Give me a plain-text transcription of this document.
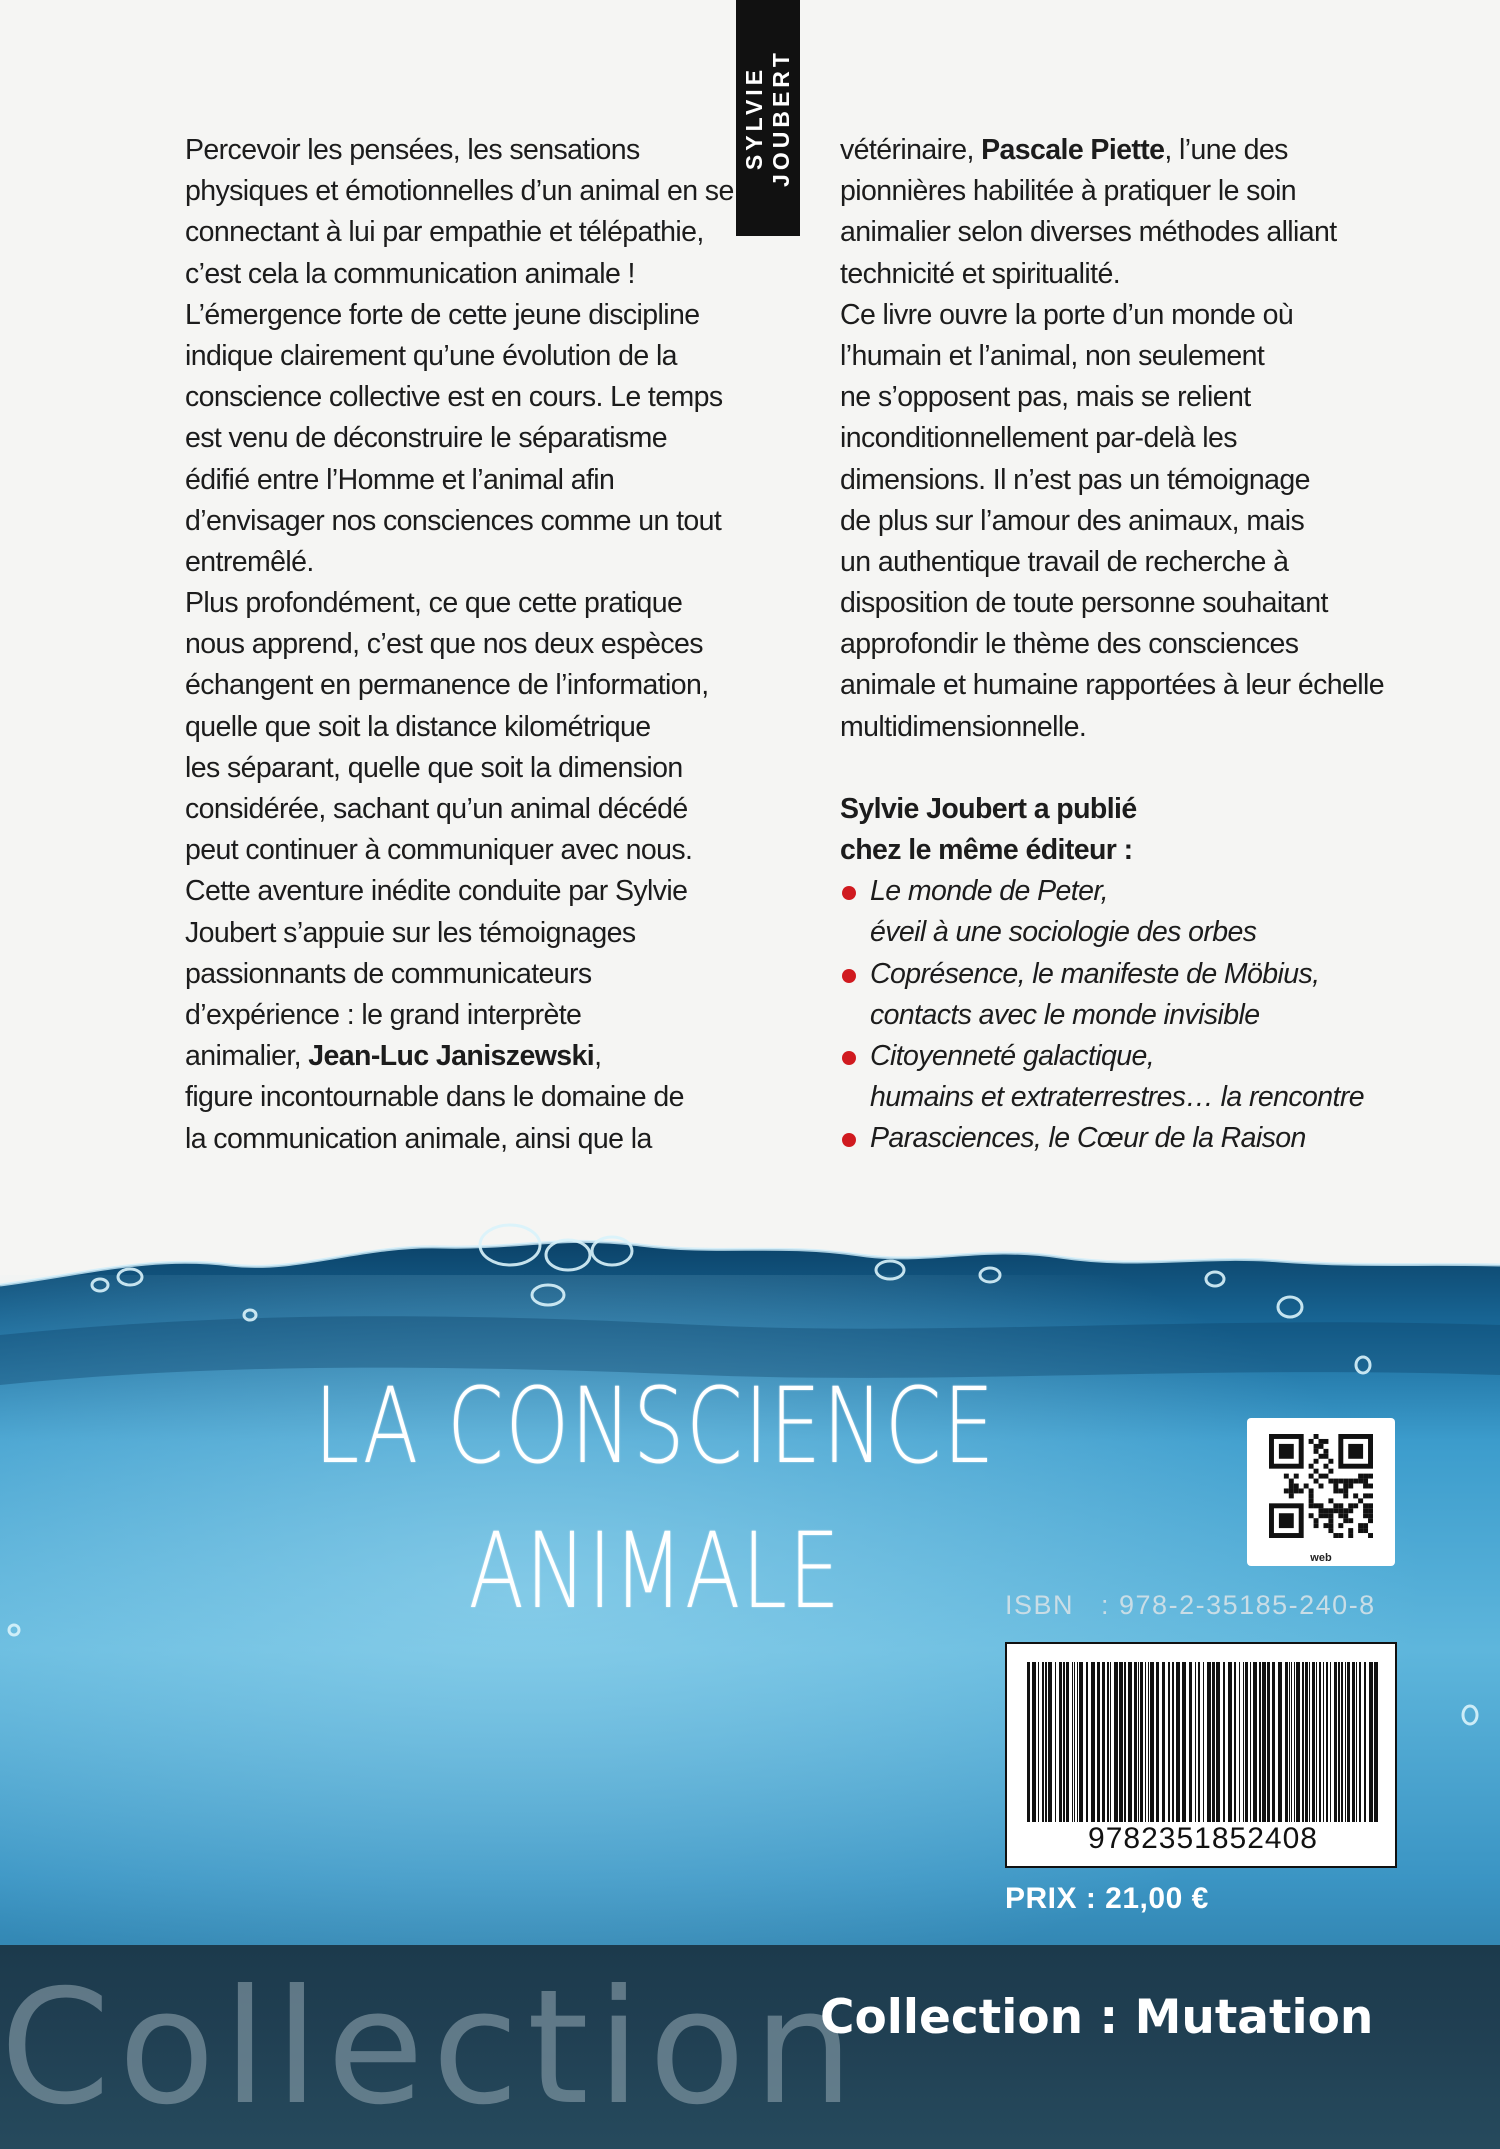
SYLVIE
JOUBERT
Percevoir les pensées, les sensations
physiques et émotionnelles d’un animal en se
connectant à lui par empathie et télépathie,
c’est cela la communication animale !
L’émergence forte de cette jeune discipline
indique clairement qu’une évolution de la
conscience collective est en cours. Le temps
est venu de déconstruire le séparatisme
édifié entre l’Homme et l’animal afin
d’envisager nos consciences comme un tout
entremêlé.
Plus profondément, ce que cette pratique
nous apprend, c’est que nos deux espèces
échangent en permanence de l’information,
quelle que soit la distance kilométrique
les séparant, quelle que soit la dimension
considérée, sachant qu’un animal décédé
peut continuer à communiquer avec nous.
Cette aventure inédite conduite par Sylvie
Joubert s’appuie sur les témoignages
passionnants de communicateurs
d’expérience : le grand interprète
animalier, Jean-Luc Janiszewski,
figure incontournable dans le domaine de
la communication animale, ainsi que la
vétérinaire, Pascale Piette, l’une des
pionnières habilitée à pratiquer le soin
animalier selon diverses méthodes alliant
technicité et spiritualité.
Ce livre ouvre la porte d’un monde où
l’humain et l’animal, non seulement
ne s’opposent pas, mais se relient
inconditionnellement par-delà les
dimensions. Il n’est pas un témoignage
de plus sur l’amour des animaux, mais
un authentique travail de recherche à
disposition de toute personne souhaitant
approfondir le thème des consciences
animale et humaine rapportées à leur échelle
multidimensionnelle.
Sylvie Joubert a publié
chez le même éditeur :
Le monde de Peter,
éveil à une sociologie des orbes
Coprésence, le manifeste de Möbius,
contacts avec le monde invisible
Citoyenneté galactique,
humains et extraterrestres… la rencontre
Parasciences, le Cœur de la Raison
LA CONSCIENCE
ANIMALE	web
ISBN   : 978-2-35185-240-8
9782351852408
PRIX : 21,00 €
Collection
Collection : Mutation
